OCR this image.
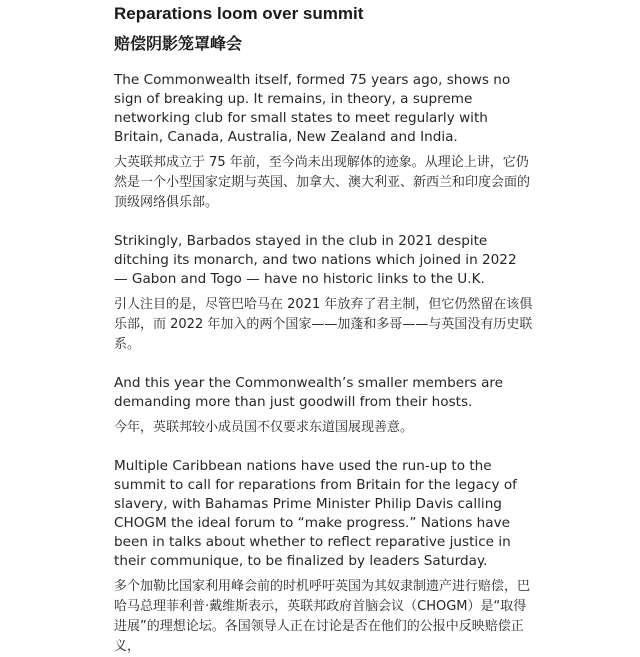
Reparations loom over summit
赔偿阴影笼罩峰会

The Commonwealth itself, formed 75 years ago, shows no sign of breaking up. It remains, in theory, a supreme networking club for small states to meet regularly with Britain, Canada, Australia, New Zealand and India.

大英联邦成立于 75 年前，至今尚未出现解体的迹象。从理论上讲，它仍然是一个小型国家定期与英国、加拿大、澳大利亚、新西兰和印度会面的顶级网络俱乐部。

Strikingly, Barbados stayed in the club in 2021 despite ditching its monarch, and two nations which joined in 2022 — Gabon and Togo — have no historic links to the U.K.

引人注目的是，尽管巴哈马在 2021 年放弃了君主制，但它仍然留在该俱乐部，而 2022 年加入的两个国家——加蓬和多哥——与英国没有历史联系。

And this year the Commonwealth’s smaller members are demanding more than just goodwill from their hosts.

今年，英联邦较小成员国不仅要求东道国展现善意。

Multiple Caribbean nations have used the run-up to the summit to call for reparations from Britain for the legacy of slavery, with Bahamas Prime Minister Philip Davis calling CHOGM the ideal forum to “make progress.” Nations have been in talks about whether to reflect reparative justice in their communique, to be finalized by leaders Saturday.

多个加勒比国家利用峰会前的时机呼吁英国为其奴隶制遗产进行赔偿，巴哈马总理菲利普·戴维斯表示，英联邦政府首脑会议（CHOGM）是“取得进展”的理想论坛。各国领导人正在讨论是否在他们的公报中反映赔偿正义，
